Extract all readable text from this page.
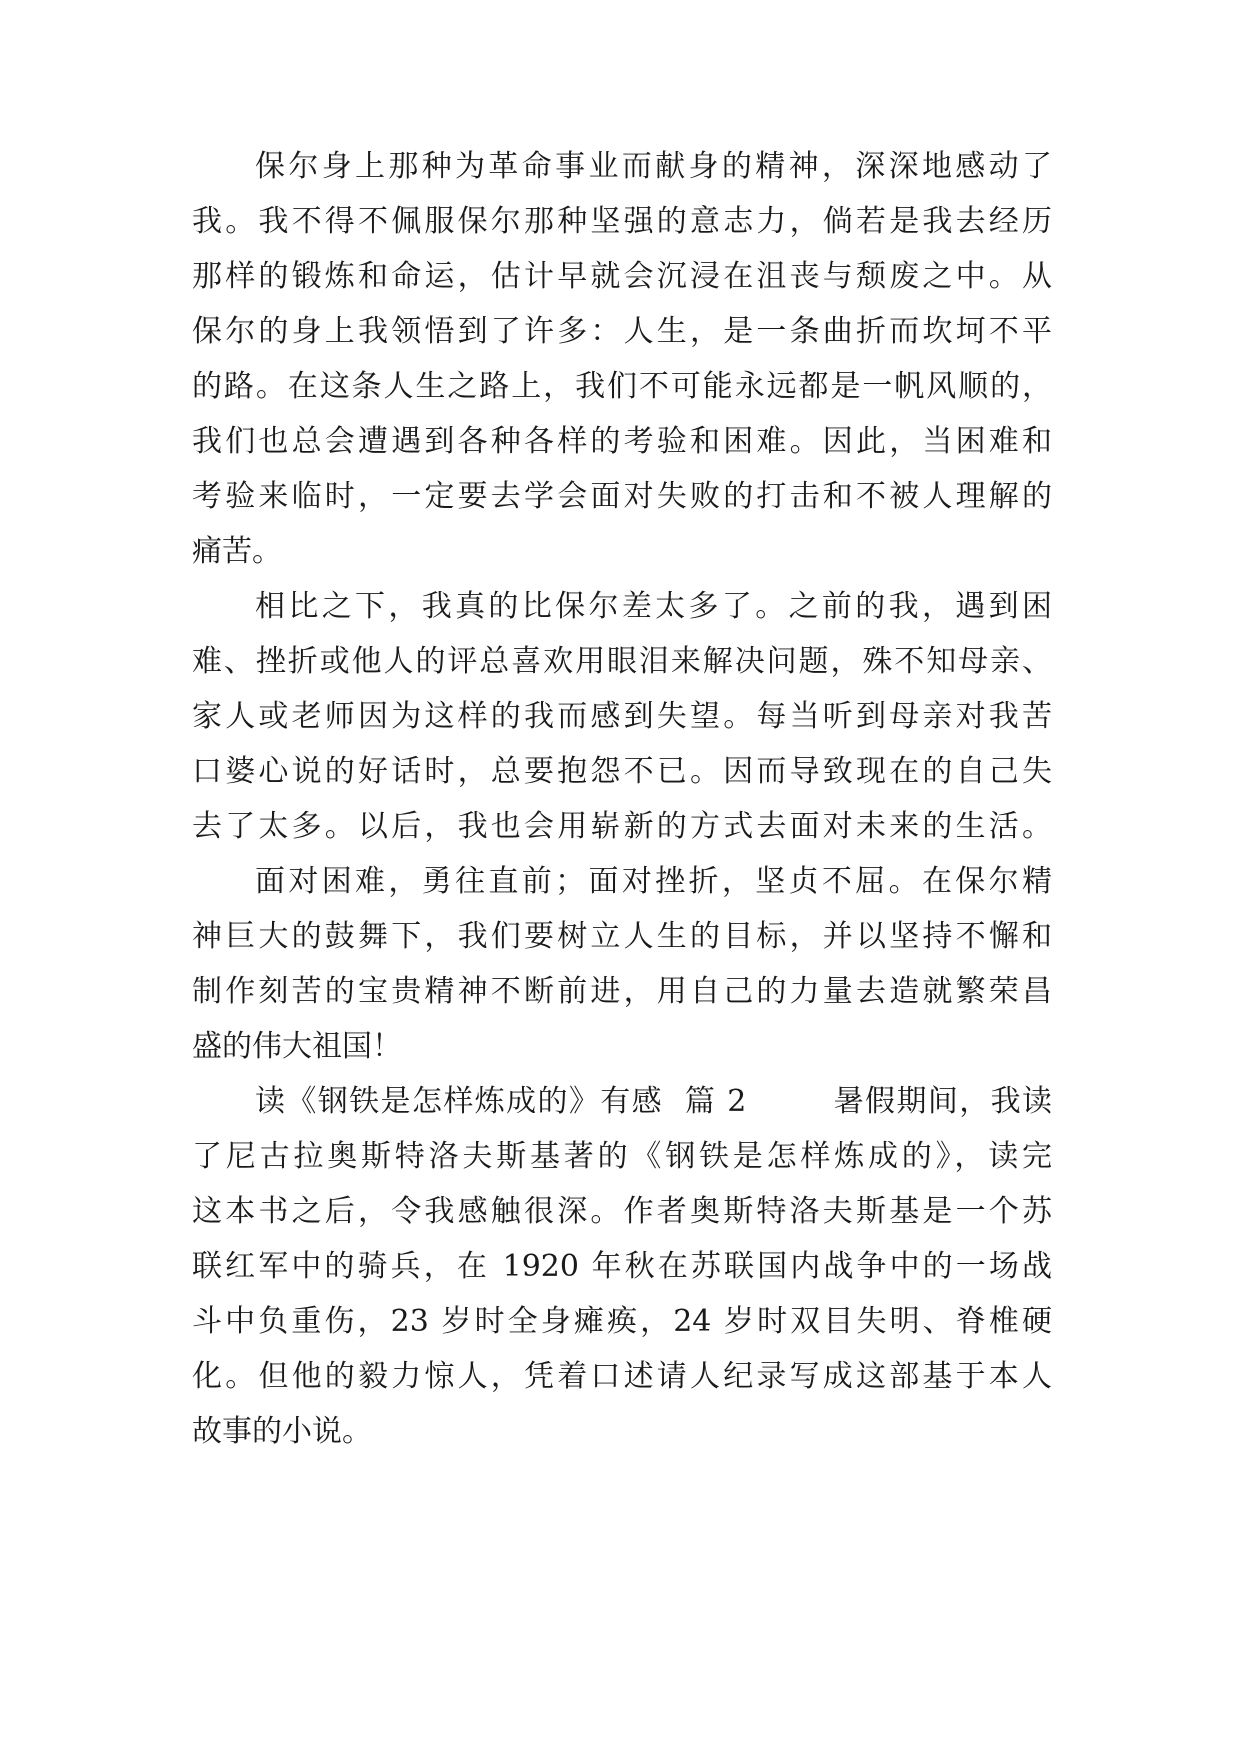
保尔身上那种为革命事业而献身的精神，深深地感动了

我。我不得不佩服保尔那种坚强的意志力，倘若是我去经历

那样的锻炼和命运，估计早就会沉浸在沮丧与颓废之中。从

保尔的身上我领悟到了许多：人生，是一条曲折而坎坷不平

的路。在这条人生之路上，我们不可能永远都是一帆风顺的，

我们也总会遭遇到各种各样的考验和困难。因此，当困难和

考验来临时，一定要去学会面对失败的打击和不被人理解的

痛苦。

相比之下，我真的比保尔差太多了。之前的我，遇到困

难、挫折或他人的评总喜欢用眼泪来解决问题，殊不知母亲、

家人或老师因为这样的我而感到失望。每当听到母亲对我苦

口婆心说的好话时，总要抱怨不已。因而导致现在的自己失

去了太多。以后，我也会用崭新的方式去面对未来的生活。

面对困难，勇往直前；面对挫折，坚贞不屈。在保尔精

神巨大的鼓舞下，我们要树立人生的目标，并以坚持不懈和

制作刻苦的宝贵精神不断前进，用自己的力量去造就繁荣昌

盛的伟大祖国！

读《钢铁是怎样炼成的》有感  篇 2        暑假期间，我读

了尼古拉奥斯特洛夫斯基著的《钢铁是怎样炼成的》，读完

这本书之后，令我感触很深。作者奥斯特洛夫斯基是一个苏

联红军中的骑兵，在 1920 年秋在苏联国内战争中的一场战

斗中负重伤，23 岁时全身瘫痪，24 岁时双目失明、脊椎硬

化。但他的毅力惊人，凭着口述请人纪录写成这部基于本人

故事的小说。
